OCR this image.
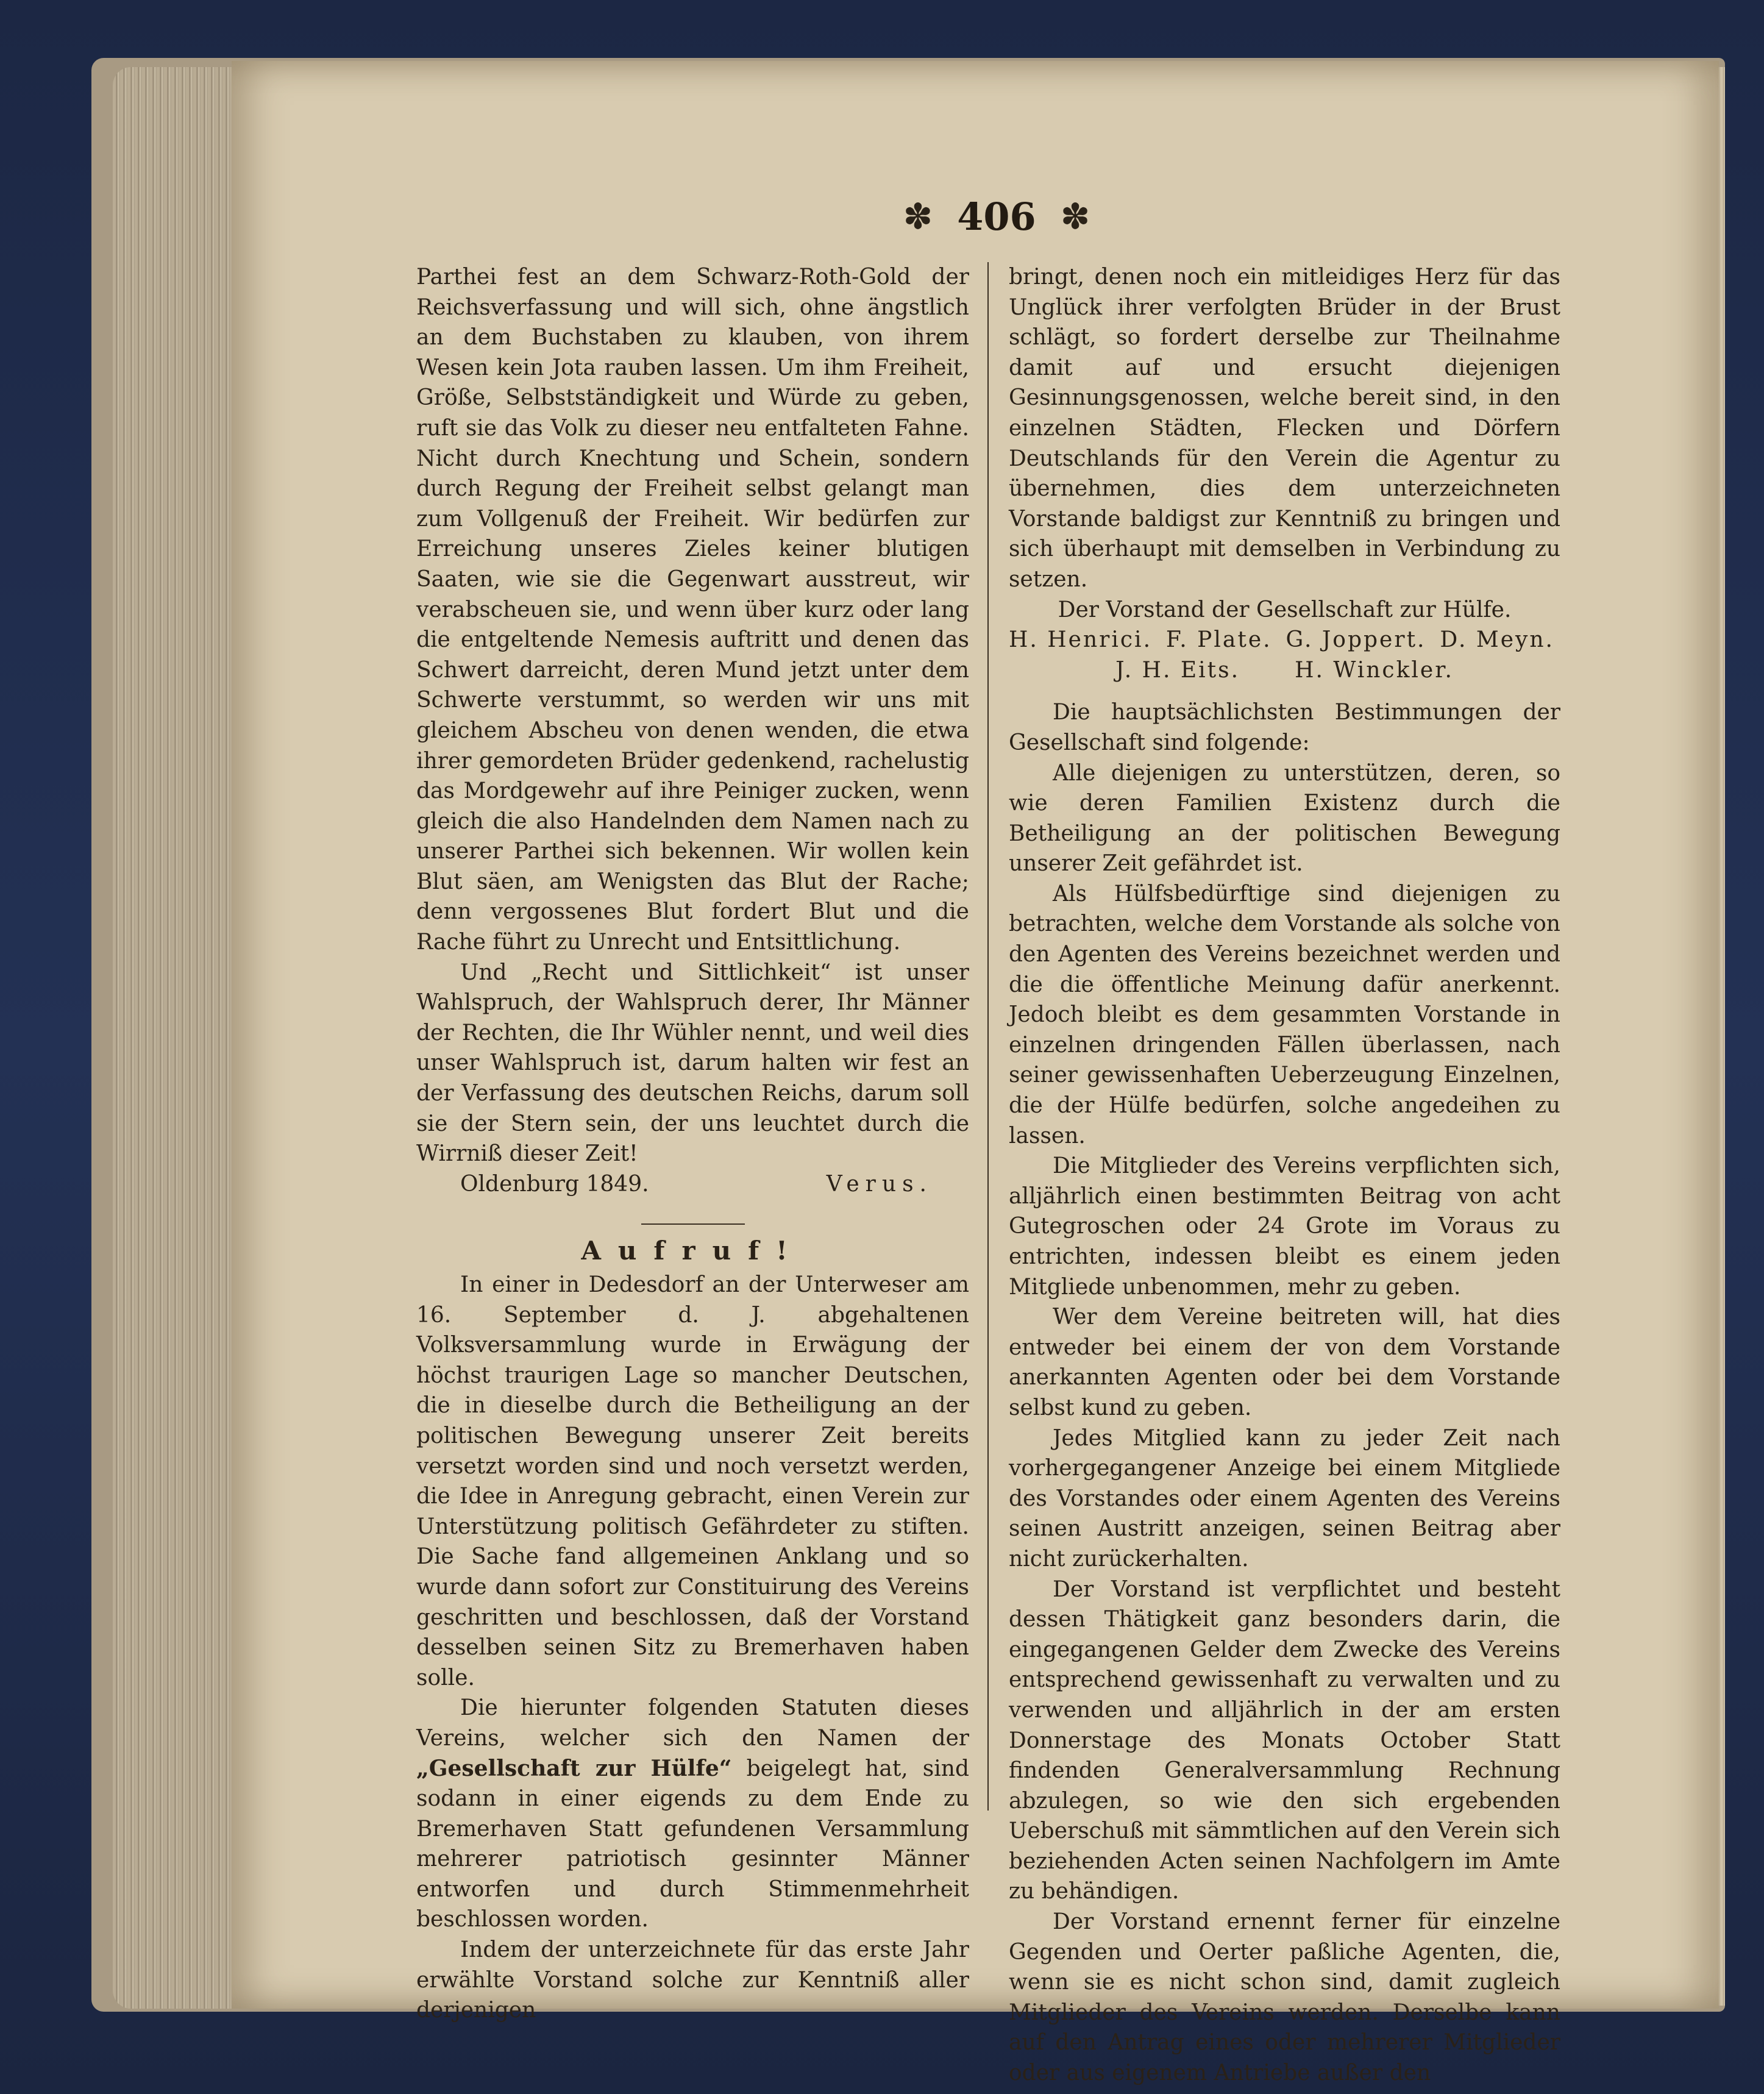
✽ 406 ✽

Parthei fest an dem Schwarz-Roth-Gold der Reichsverfassung und will sich, ohne ängstlich an dem Buchstaben zu klauben, von ihrem Wesen kein Jota rauben lassen. Um ihm Freiheit, Größe, Selbstständigkeit und Würde zu geben, ruft sie das Volk zu dieser neu entfalteten Fahne. Nicht durch Knechtung und Schein, sondern durch Regung der Freiheit selbst gelangt man zum Vollgenuß der Freiheit. Wir bedürfen zur Erreichung unseres Zieles keiner blutigen Saaten, wie sie die Gegenwart ausstreut, wir verabscheuen sie, und wenn über kurz oder lang die entgeltende Nemesis auftritt und denen das Schwert darreicht, deren Mund jetzt unter dem Schwerte verstummt, so werden wir uns mit gleichem Abscheu von denen wenden, die etwa ihrer gemordeten Brüder gedenkend, rachelustig das Mordgewehr auf ihre Peiniger zucken, wenn gleich die also Handelnden dem Namen nach zu unserer Parthei sich bekennen. Wir wollen kein Blut säen, am Wenigsten das Blut der Rache; denn vergossenes Blut fordert Blut und die Rache führt zu Unrecht und Entsittlichung.

Und „Recht und Sittlichkeit“ ist unser Wahlspruch, der Wahlspruch derer, Ihr Männer der Rechten, die Ihr Wühler nennt, und weil dies unser Wahlspruch ist, darum halten wir fest an der Verfassung des deutschen Reichs, darum soll sie der Stern sein, der uns leuchtet durch die Wirrniß dieser Zeit!

Oldenburg 1849.	Verus.
Aufruf!

In einer in Dedesdorf an der Unterweser am 16. September d. J. abgehaltenen Volksversammlung wurde in Erwägung der höchst traurigen Lage so mancher Deutschen, die in dieselbe durch die Betheiligung an der politischen Bewegung unserer Zeit bereits versetzt worden sind und noch versetzt werden, die Idee in Anregung gebracht, einen Verein zur Unterstützung politisch Gefährdeter zu stiften. Die Sache fand allgemeinen Anklang und so wurde dann sofort zur Constituirung des Vereins geschritten und beschlossen, daß der Vorstand desselben seinen Sitz zu Bremerhaven haben solle.

Die hierunter folgenden Statuten dieses Vereins, welcher sich den Namen der „Gesellschaft zur Hülfe“ beigelegt hat, sind sodann in einer eigends zu dem Ende zu Bremerhaven Statt gefundenen Versammlung mehrerer patriotisch gesinnter Männer entworfen und durch Stimmenmehrheit beschlossen worden.

Indem der unterzeichnete für das erste Jahr erwählte Vorstand solche zur Kenntniß aller derjenigen

bringt, denen noch ein mitleidiges Herz für das Unglück ihrer verfolgten Brüder in der Brust schlägt, so fordert derselbe zur Theilnahme damit auf und ersucht diejenigen Gesinnungsgenossen, welche bereit sind, in den einzelnen Städten, Flecken und Dörfern Deutschlands für den Verein die Agentur zu übernehmen, dies dem unterzeichneten Vorstande baldigst zur Kenntniß zu bringen und sich überhaupt mit demselben in Verbindung zu setzen.

Der Vorstand der Gesellschaft zur Hülfe.

H. Henrici. F. Plate. G. Joppert. D. Meyn.
J. H. Eits.	H. Winckler.

Die hauptsächlichsten Bestimmungen der Gesellschaft sind folgende:

Alle diejenigen zu unterstützen, deren, so wie deren Familien Existenz durch die Betheiligung an der politischen Bewegung unserer Zeit gefährdet ist.

Als Hülfsbedürftige sind diejenigen zu betrachten, welche dem Vorstande als solche von den Agenten des Vereins bezeichnet werden und die die öffentliche Meinung dafür anerkennt. Jedoch bleibt es dem gesammten Vorstande in einzelnen dringenden Fällen überlassen, nach seiner gewissenhaften Ueberzeugung Einzelnen, die der Hülfe bedürfen, solche angedeihen zu lassen.

Die Mitglieder des Vereins verpflichten sich, alljährlich einen bestimmten Beitrag von acht Gutegroschen oder 24 Grote im Voraus zu entrichten, indessen bleibt es einem jeden Mitgliede unbenommen, mehr zu geben.

Wer dem Vereine beitreten will, hat dies entweder bei einem der von dem Vorstande anerkannten Agenten oder bei dem Vorstande selbst kund zu geben.

Jedes Mitglied kann zu jeder Zeit nach vorhergegangener Anzeige bei einem Mitgliede des Vorstandes oder einem Agenten des Vereins seinen Austritt anzeigen, seinen Beitrag aber nicht zurückerhalten.

Der Vorstand ist verpflichtet und besteht dessen Thätigkeit ganz besonders darin, die eingegangenen Gelder dem Zwecke des Vereins entsprechend gewissenhaft zu verwalten und zu verwenden und alljährlich in der am ersten Donnerstage des Monats October Statt findenden Generalversammlung Rechnung abzulegen, so wie den sich ergebenden Ueberschuß mit sämmtlichen auf den Verein sich beziehenden Acten seinen Nachfolgern im Amte zu behändigen.

Der Vorstand ernennt ferner für einzelne Gegenden und Oerter paßliche Agenten, die, wenn sie es nicht schon sind, damit zugleich Mitglieder des Vereins werden. Derselbe kann auf den Antrag eines oder mehrerer Mitglieder oder aus eigenem Antriebe außer den
